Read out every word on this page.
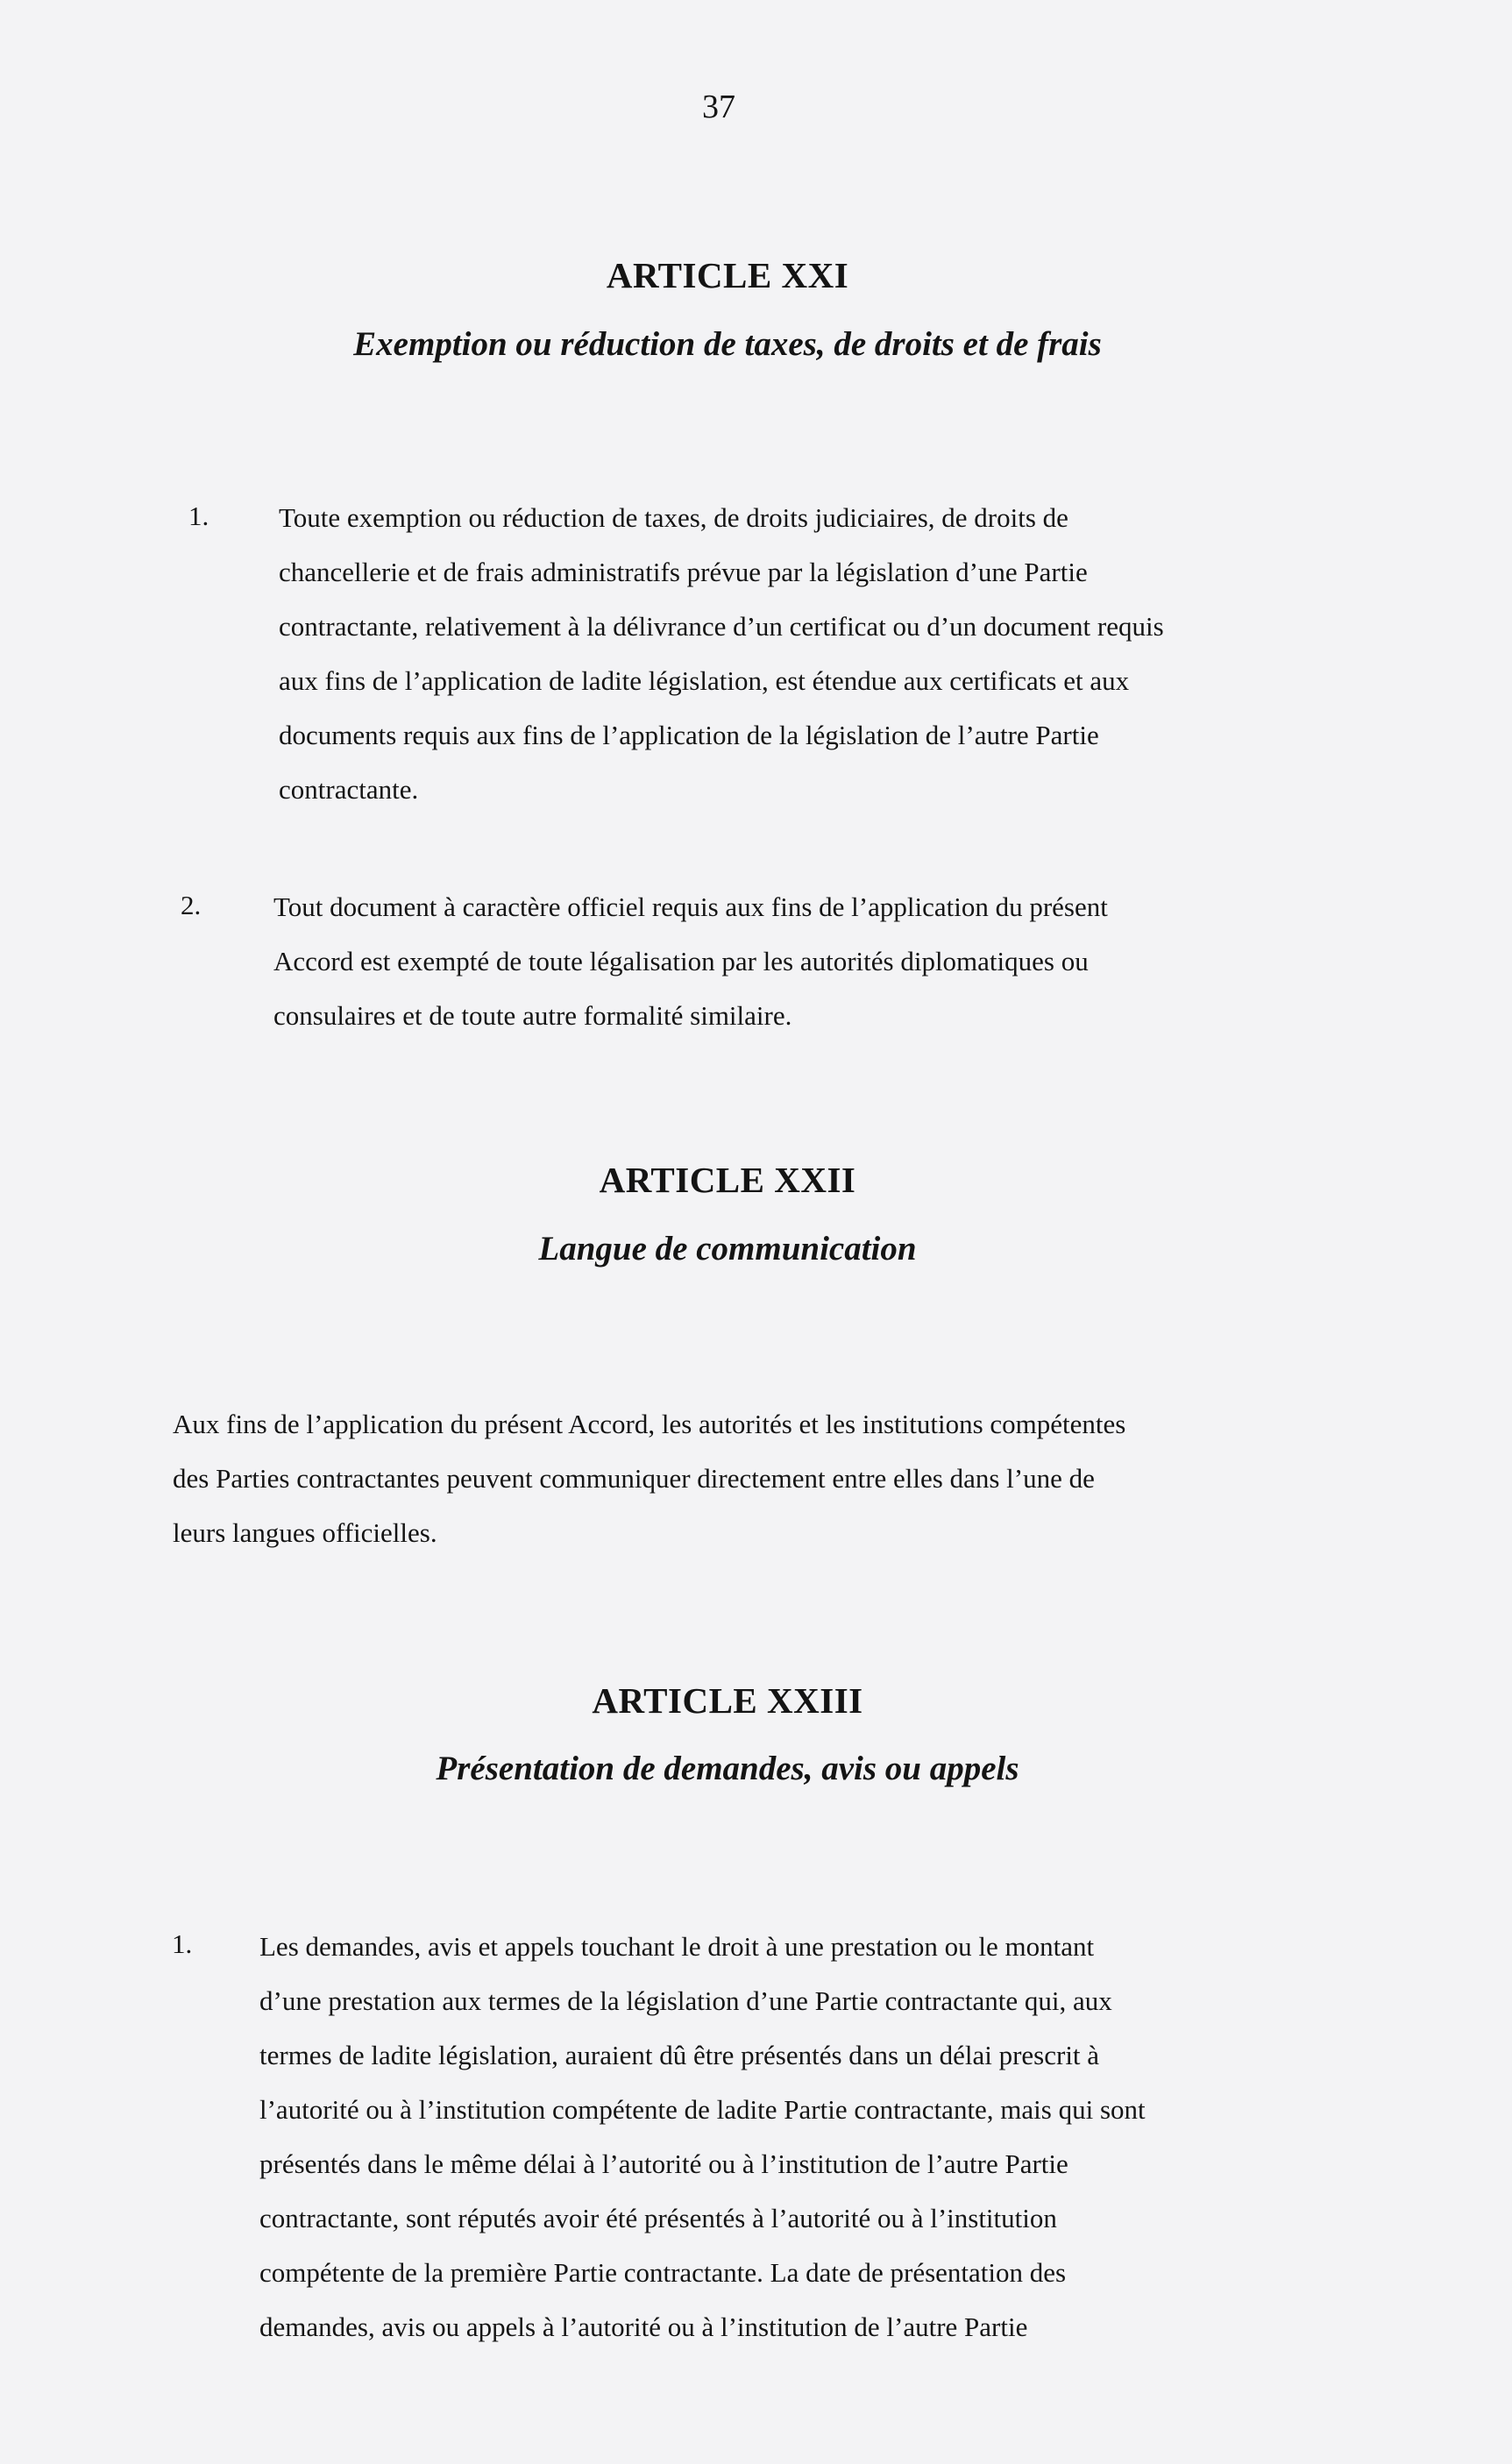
37
ARTICLE XXI
Exemption ou réduction de taxes, de droits et de frais
1.	Toute exemption ou réduction de taxes, de droits judiciaires, de droits de
chancellerie et de frais administratifs prévue par la législation d’une Partie
contractante, relativement à la délivrance d’un certificat ou d’un document requis
aux fins de l’application de ladite législation, est étendue aux certificats et aux
documents requis aux fins de l’application de la législation de l’autre Partie
contractante.
2.	Tout document à caractère officiel requis aux fins de l’application du présent
Accord est exempté de toute légalisation par les autorités diplomatiques ou
consulaires et de toute autre formalité similaire.
ARTICLE XXII
Langue de communication
Aux fins de l’application du présent Accord, les autorités et les institutions compétentes
des Parties contractantes peuvent communiquer directement entre elles dans l’une de
leurs langues officielles.
ARTICLE XXIII
Présentation de demandes, avis ou appels
1. Les demandes, avis et appels touchant le droit à une prestation ou le montant
d’une prestation aux termes de la législation d’une Partie contractante qui, aux
termes de ladite législation, auraient dû être présentés dans un délai prescrit à
l’autorité ou à l’institution compétente de ladite Partie contractante, mais qui sont
présentés dans le même délai à l’autorité ou à l’institution de l’autre Partie
contractante, sont réputés avoir été présentés à l’autorité ou à l’institution
compétente de la première Partie contractante. La date de présentation des
demandes, avis ou appels à l’autorité ou à l’institution de l’autre Partie
